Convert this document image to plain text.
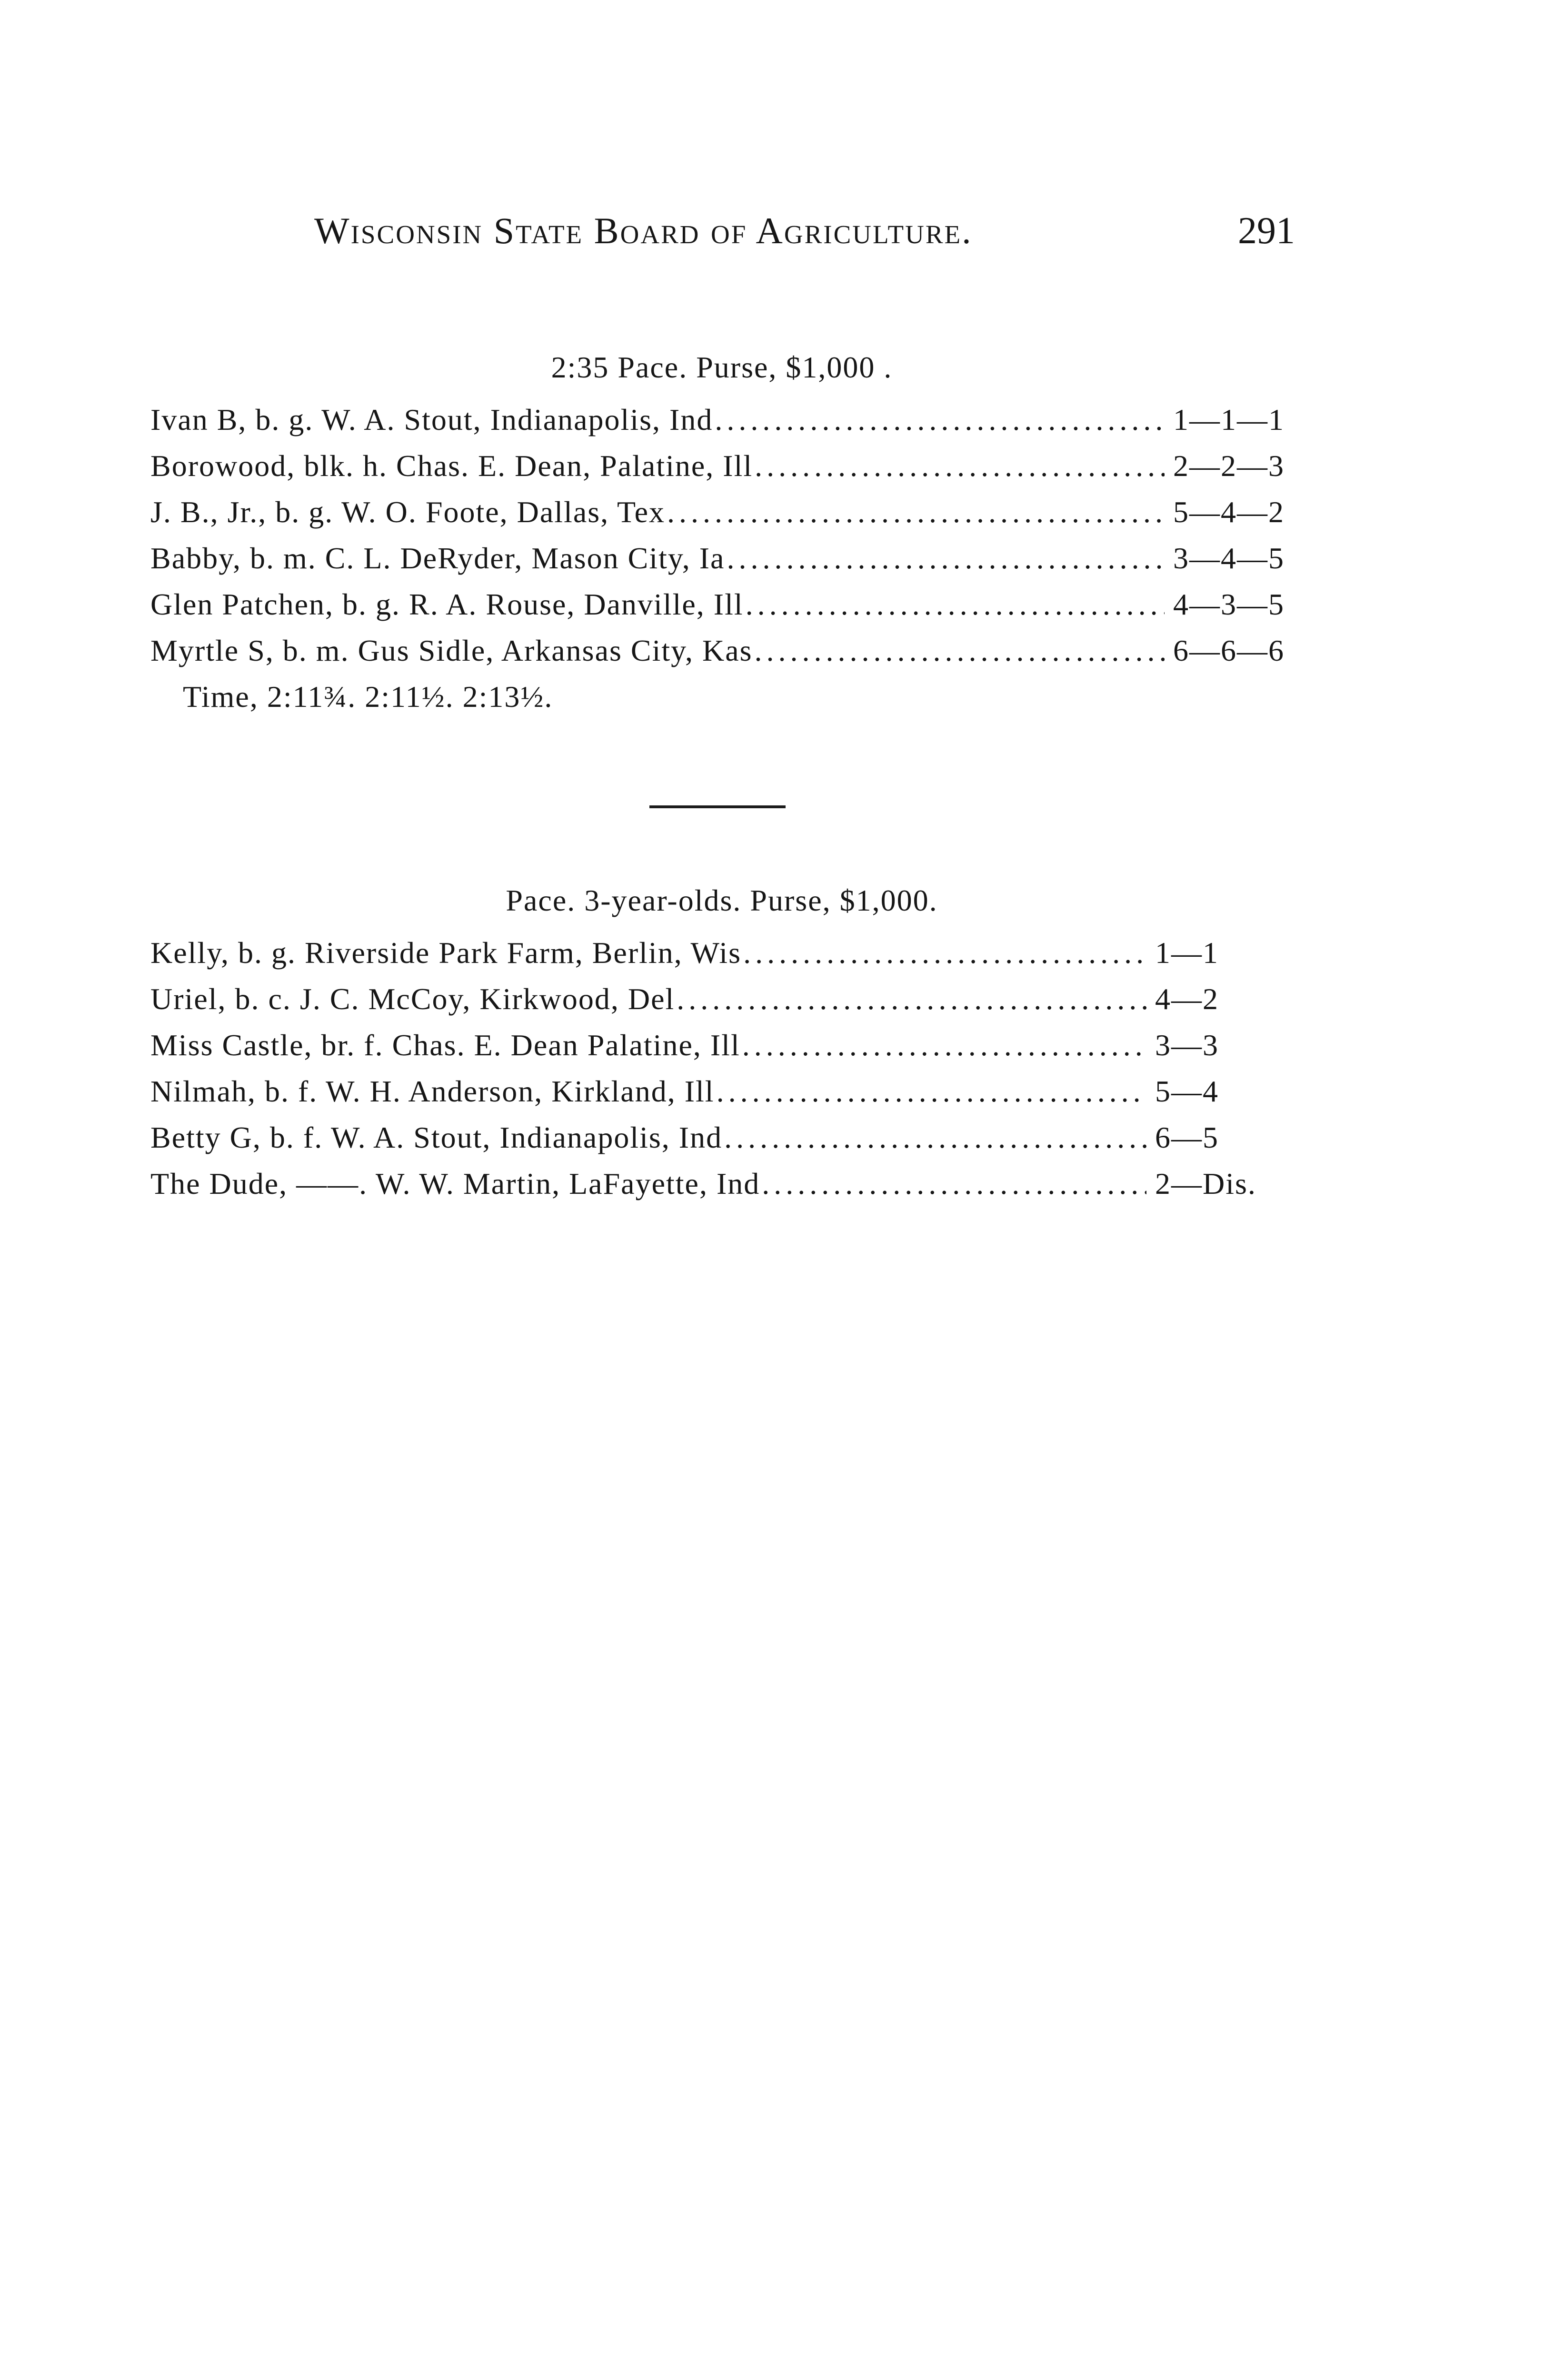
Wisconsin State Board of Agriculture.	291
2:35 Pace. Purse, $1,000 .
Ivan B, b. g. W. A. Stout, Indianapolis, Ind .....	1—1—1
Borowood, blk. h. Chas. E. Dean, Palatine, Ill .....	2—2—3
J. B., Jr., b. g. W. O. Foote, Dallas, Tex .....	5—4—2
Babby, b. m. C. L. DeRyder, Mason City, Ia .....	3—4—5
Glen Patchen, b. g. R. A. Rouse, Danville, Ill .....	4—3—5
Myrtle S, b. m. Gus Sidle, Arkansas City, Kas .....	6—6—6
Time, 2:11¾. 2:11½. 2:13½.
Pace. 3-year-olds. Purse, $1,000.
Kelly, b. g. Riverside Park Farm, Berlin, Wis .....	1—1
Uriel, b. c. J. C. McCoy, Kirkwood, Del .....	4—2
Miss Castle, br. f. Chas. E. Dean Palatine, Ill .....	3—3
Nilmah, b. f. W. H. Anderson, Kirkland, Ill .....	5—4
Betty G, b. f. W. A. Stout, Indianapolis, Ind .....	6—5
The Dude, ——. W. W. Martin, LaFayette, Ind .....	2—Dis.
